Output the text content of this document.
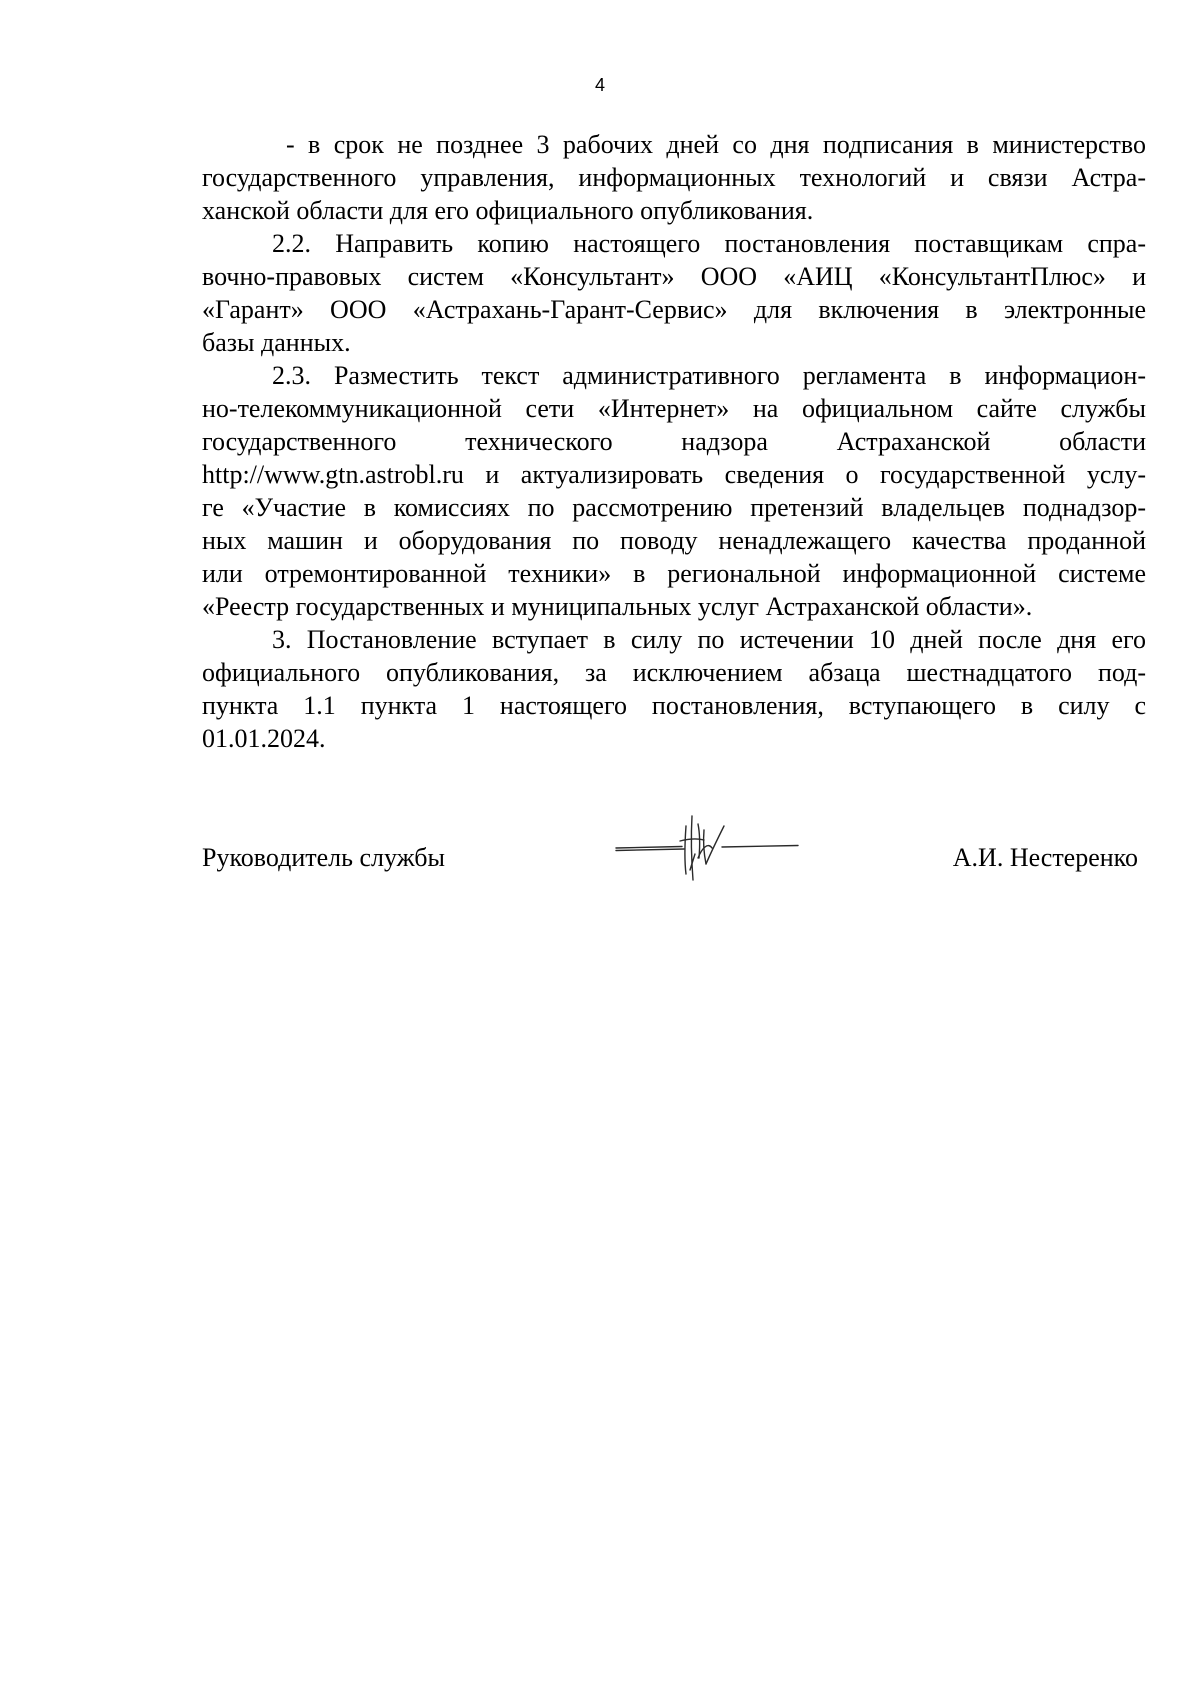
4
- в срок не позднее 3 рабочих дней со дня подписания в министерство
государственного управления, информационных технологий и связи Астра-
ханской области для его официального опубликования.
2.2. Направить копию настоящего постановления поставщикам спра-
вочно-правовых систем «Консультант» ООО «АИЦ «КонсультантПлюс» и
«Гарант» ООО «Астрахань-Гарант-Сервис» для включения в электронные
базы данных.
2.3. Разместить текст административного регламента в информацион-
но-телекоммуникационной сети «Интернет» на официальном сайте службы
государственного технического надзора Астраханской области
http://www.gtn.astrobl.ru и актуализировать сведения о государственной услу-
ге «Участие в комиссиях по рассмотрению претензий владельцев поднадзор-
ных машин и оборудования по поводу ненадлежащего качества проданной
или отремонтированной техники» в региональной информационной системе
«Реестр государственных и муниципальных услуг Астраханской области».
3. Постановление вступает в силу по истечении 10 дней после дня его
официального опубликования, за исключением абзаца шестнадцатого под-
пункта 1.1 пункта 1 настоящего постановления, вступающего в силу с
01.01.2024.
Руководитель службы	А.И. Нестеренко
